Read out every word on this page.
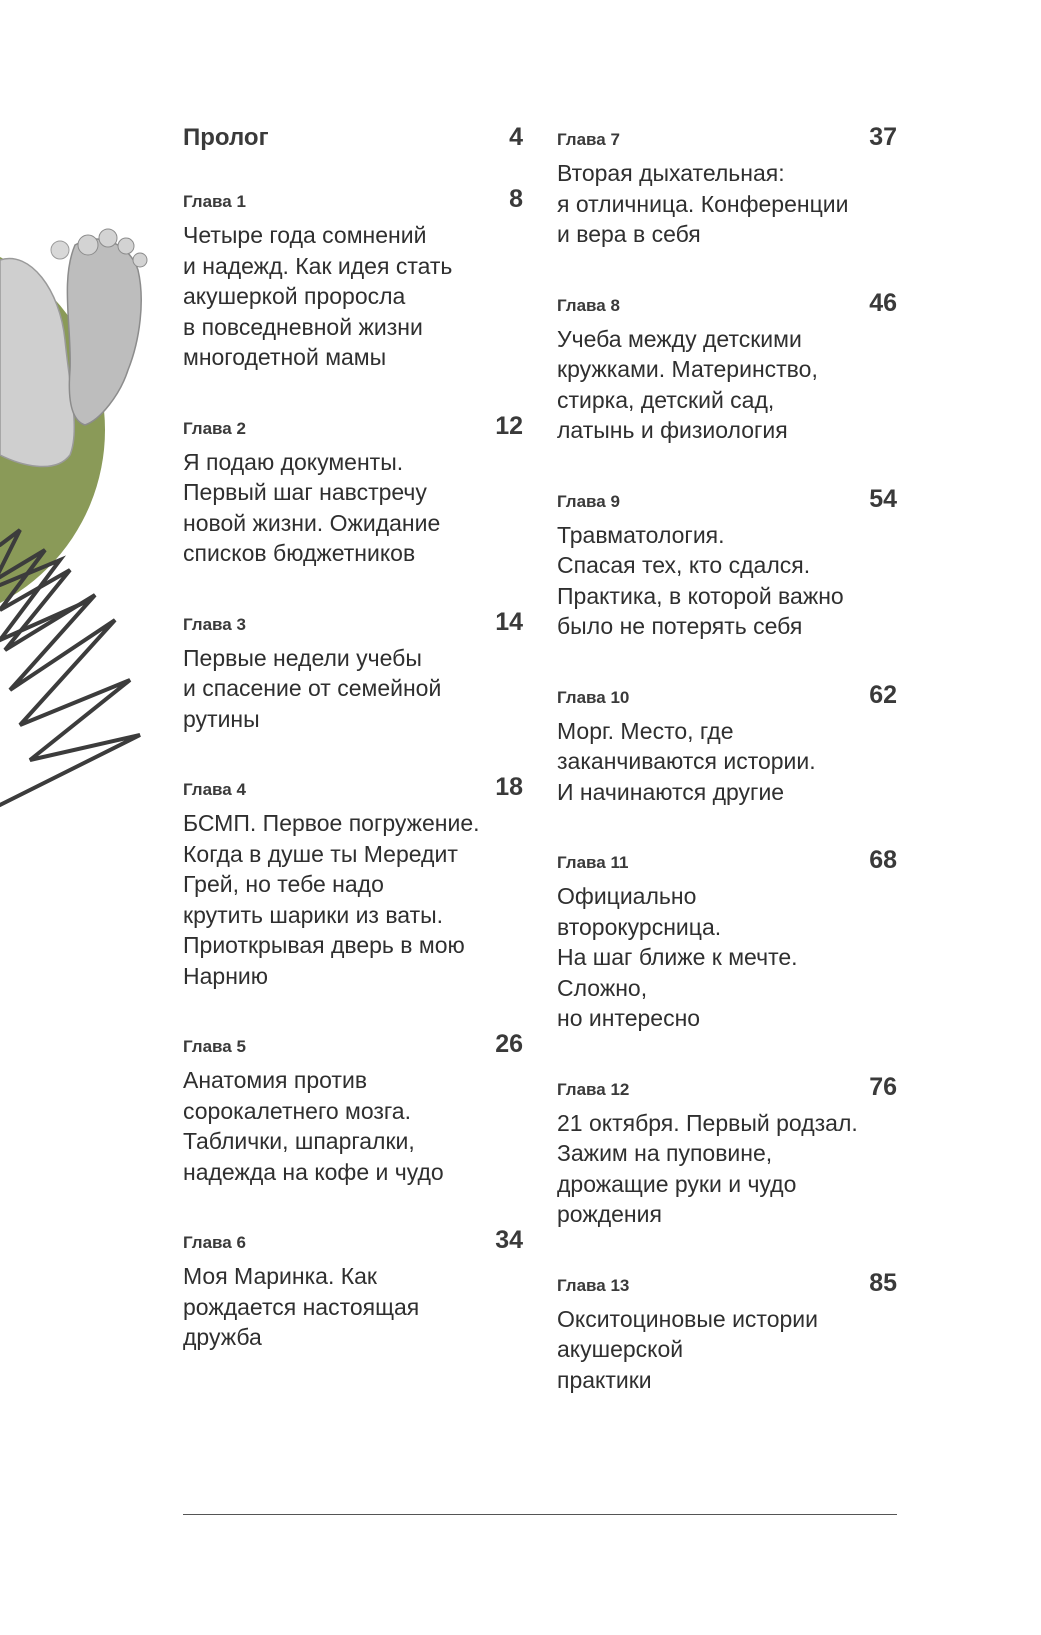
Пролог	4
Глава 1	8
Четыре года сомнений
и надежд. Как идея стать
акушеркой проросла
в повседневной жизни
многодетной мамы
Глава 2	12
Я подаю документы.
Первый шаг навстречу
новой жизни. Ожидание
списков бюджетников
Глава 3	14
Первые недели учебы
и спасение от семейной
рутины
Глава 4	18
БСМП. Первое погружение.
Когда в душе ты Мередит
Грей, но тебе надо
крутить шарики из ваты.
Приоткрывая дверь в мою
Нарнию
Глава 5	26
Анатомия против
сорокалетнего мозга.
Таблички, шпаргалки,
надежда на кофе и чудо
Глава 6	34
Моя Маринка. Как
рождается настоящая
дружба
Глава 7	37
Вторая дыхательная:
я отличница. Конференции
и вера в себя
Глава 8	46
Учеба между детскими
кружками. Материнство,
стирка, детский сад,
латынь и физиология
Глава 9	54
Травматология.
Спасая тех, кто сдался.
Практика, в которой важно
было не потерять себя
Глава 10	62
Морг. Место, где
заканчиваются истории.
И начинаются другие
Глава 11	68
Официально
второкурсница.
На шаг ближе к мечте.
Сложно,
но интересно
Глава 12	76
21 октября. Первый родзал.
Зажим на пуповине,
дрожащие руки и чудо
рождения
Глава 13	85
Окситоциновые истории
акушерской
практики
